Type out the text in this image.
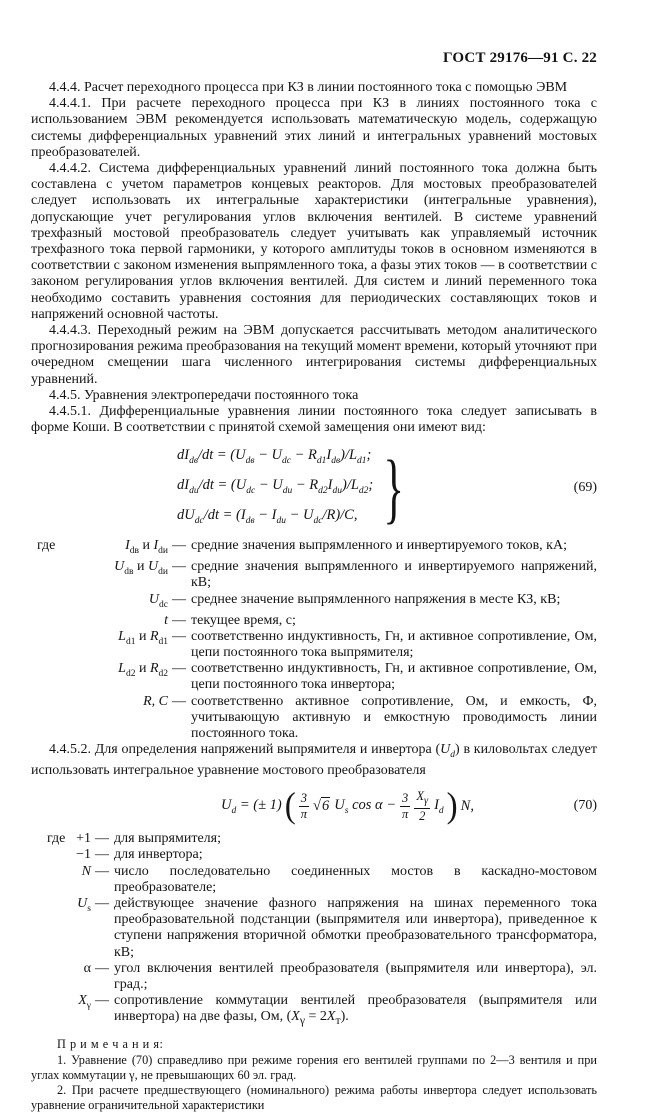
ГОСТ 29176—91 С. 22

4.4.4. Расчет переходного процесса при КЗ в линии постоянного тока с помощью ЭВМ

4.4.4.1. При расчете переходного процесса при КЗ в линиях постоянного тока с использованием ЭВМ рекомендуется использовать математическую модель, содержащую системы дифференциальных уравнений этих линий и интегральных уравнений мостовых преобразователей.

4.4.4.2. Система дифференциальных уравнений линий постоянного тока должна быть составлена с учетом параметров концевых реакторов. Для мостовых преобразователей следует использовать их интегральные характеристики (интегральные уравнения), допускающие учет регулирования углов включения вентилей. В системе уравнений трехфазный мостовой преобразователь следует учитывать как управляемый источник трехфазного тока первой гармоники, у которого амплитуды токов в основном изменяются в соответствии с законом изменения выпрямленного тока, а фазы этих токов — в соответствии с законом регулирования углов включения вентилей. Для систем и линий переменного тока необходимо составить уравнения состояния для периодических составляющих токов и напряжений основной частоты.

4.4.4.3. Переходный режим на ЭВМ допускается рассчитывать методом аналитического прогнозирования режима преобразования на текущий момент времени, который уточняют при очередном смещении шага численного интегрирования системы дифференциальных уравнений.

4.4.5. Уравнения электропередачи постоянного тока

4.4.5.1. Дифференциальные уравнения линии постоянного тока следует записывать в форме Коши. В соответствии с принятой схемой замещения они имеют вид:

$dI_{dв}/dt = (U_{dв} - U_{dc} - R_{d1}I_{dв})/L_{d1}$;
$dI_{dи}/dt = (U_{dc} - U_{dи} - R_{d2}I_{dи})/L_{d2}$;
$dU_{dc}/dt = (I_{dв} - I_{dи} - U_{dc}/R)/C$, }	(69)
где	$I_{dв}$ и $I_{dи}$ — средние значения выпрямленного и инвертируемого токов, кА;
$U_{dв}$ и $U_{dи}$ — средние значения выпрямленного и инвертируемого напряжений, кВ;
$U_{dc}$ — среднее значение выпрямленного напряжения в месте КЗ, кВ;
t — текущее время, с;
$L_{d1}$ и $R_{d1}$ — соответственно индуктивность, Гн, и активное сопротивление, Ом, цепи постоянного тока выпрямителя;
$L_{d2}$ и $R_{d2}$ — соответственно индуктивность, Гн, и активное сопротивление, Ом, цепи постоянного тока инвертора;
R, C — соответственно активное сопротивление, Ом, и емкость, Ф, учитывающую активную и емкостную проводимость линии постоянного тока.

4.4.5.2. Для определения напряжений выпрямителя и инвертора $(U_d)$ в киловольтах следует использовать интегральное уравнение мостового преобразователя

$U_d$ = (± 1) ( $\frac{3}{\pi} √6$ $U_s$ $\cos \alpha - \frac{3}{\pi} \frac{X_\gamma}{2} I_d$ ) N,	(70)
где +1 — для выпрямителя;
−1 — для инвертора;
N — число последовательно соединенных мостов в каскадно-мостовом преобразователе;
$U_s$ — действующее значение фазного напряжения на шинах переменного тока преобразовательной подстанции (выпрямителя или инвертора), приведенное к ступени напряжения вторичной обмотки преобразовательного трансформатора, кВ;
α — угол включения вентилей преобразователя (выпрямителя или инвертора), эл. град.;
$X_\gamma$ — сопротивление коммутации вентилей преобразователя (выпрямителя или инвертора) на две фазы, Ом, $(X_\gamma = 2X_т)$.

П р и м е ч а н и я:

1. Уравнение (70) справедливо при режиме горения его вентилей группами по 2—3 вентиля и при углах коммутации γ, не превышающих 60 эл. град.

2. При расчете предшествующего (номинального) режима работы инвертора следует использовать уравнение ограничительной характеристики
